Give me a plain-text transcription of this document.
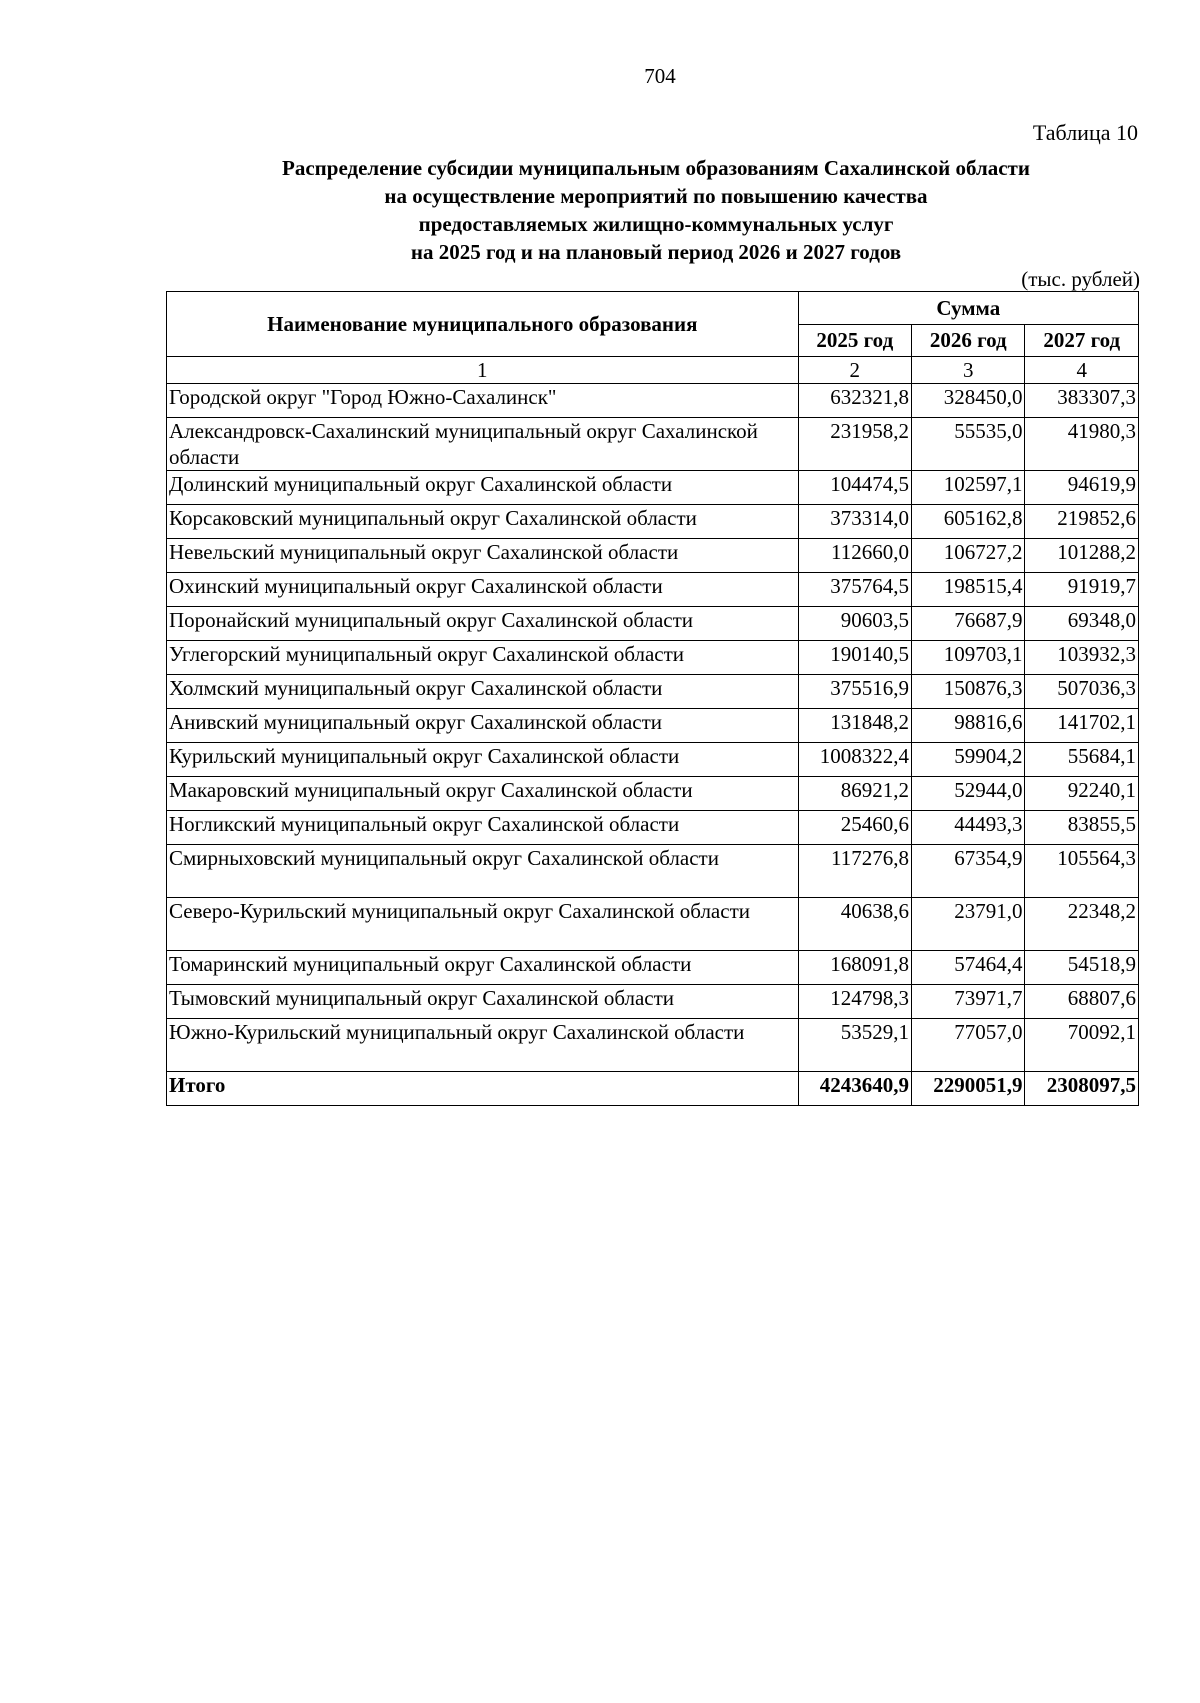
704
Таблица 10
Распределение субсидии муниципальным образованиям Сахалинской области
на осуществление мероприятий по повышению качества
предоставляемых жилищно-коммунальных услуг
на 2025 год и на плановый период 2026 и 2027 годов
(тыс. рублей)
Наименование муниципального образования	Сумма		
	2025 год	2026 год	2027 год
1	2	3	4
Городской округ "Город Южно-Сахалинск"	632321,8	328450,0	383307,3
Александровск-Сахалинский муниципальный округ Сахалинской области	231958,2	55535,0	41980,3
Долинский муниципальный округ Сахалинской области	104474,5	102597,1	94619,9
Корсаковский муниципальный округ Сахалинской области	373314,0	605162,8	219852,6
Невельский муниципальный округ Сахалинской области	112660,0	106727,2	101288,2
Охинский муниципальный округ Сахалинской области	375764,5	198515,4	91919,7
Поронайский муниципальный округ Сахалинской области	90603,5	76687,9	69348,0
Углегорский муниципальный округ Сахалинской области	190140,5	109703,1	103932,3
Холмский муниципальный округ Сахалинской области	375516,9	150876,3	507036,3
Анивский муниципальный округ Сахалинской области	131848,2	98816,6	141702,1
Курильский муниципальный округ Сахалинской области	1008322,4	59904,2	55684,1
Макаровский муниципальный округ Сахалинской области	86921,2	52944,0	92240,1
Ногликский муниципальный округ Сахалинской области	25460,6	44493,3	83855,5
Смирныховский муниципальный округ Сахалинской области	117276,8	67354,9	105564,3
Северо-Курильский муниципальный округ Сахалинской области	40638,6	23791,0	22348,2
Томаринский муниципальный округ Сахалинской области	168091,8	57464,4	54518,9
Тымовский муниципальный округ Сахалинской области	124798,3	73971,7	68807,6
Южно-Курильский муниципальный округ Сахалинской области	53529,1	77057,0	70092,1
Итого	4243640,9	2290051,9	2308097,5
